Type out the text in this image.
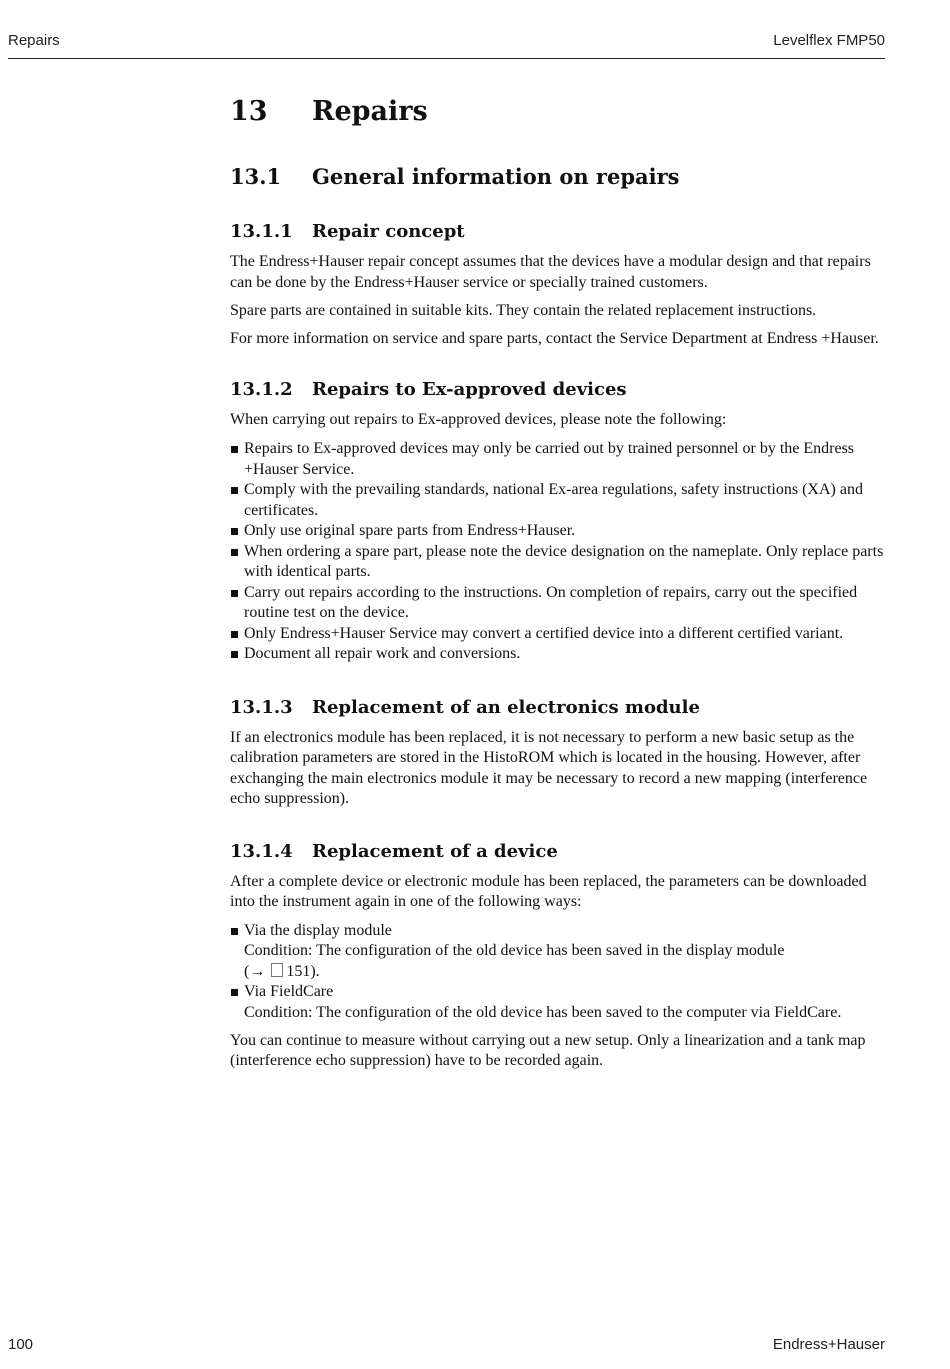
Repairs	Levelflex FMP50
13 Repairs
13.1 General information on repairs
13.1.1 Repair concept

The Endress+Hauser repair concept assumes that the devices have a modular design and that repairs can be done by the Endress+Hauser service or specially trained customers.

Spare parts are contained in suitable kits. They contain the related replacement instructions.

For more information on service and spare parts, contact the Service Department at Endress +Hauser.

13.1.2 Repairs to Ex-approved devices

When carrying out repairs to Ex-approved devices, please note the following:

Repairs to Ex-approved devices may only be carried out by trained personnel or by the Endress +Hauser Service.
Comply with the prevailing standards, national Ex-area regulations, safety instructions (XA) and certificates.
Only use original spare parts from Endress+Hauser.
When ordering a spare part, please note the device designation on the nameplate. Only replace parts with identical parts.
Carry out repairs according to the instructions. On completion of repairs, carry out the specified routine test on the device.
Only Endress+Hauser Service may convert a certified device into a different certified variant.
Document all repair work and conversions.
13.1.3 Replacement of an electronics module

If an electronics module has been replaced, it is not necessary to perform a new basic setup as the calibration parameters are stored in the HistoROM which is located in the housing. However, after exchanging the main electronics module it may be necessary to record a new mapping (interference echo suppression).

13.1.4 Replacement of a device

After a complete device or electronic module has been replaced, the parameters can be downloaded into the instrument again in one of the following ways:

Via the display module
Condition: The configuration of the old device has been saved in the display module
(→ 151).
Via FieldCare
Condition: The configuration of the old device has been saved to the computer via FieldCare.

You can continue to measure without carrying out a new setup. Only a linearization and a tank map (interference echo suppression) have to be recorded again.

100	Endress+Hauser
